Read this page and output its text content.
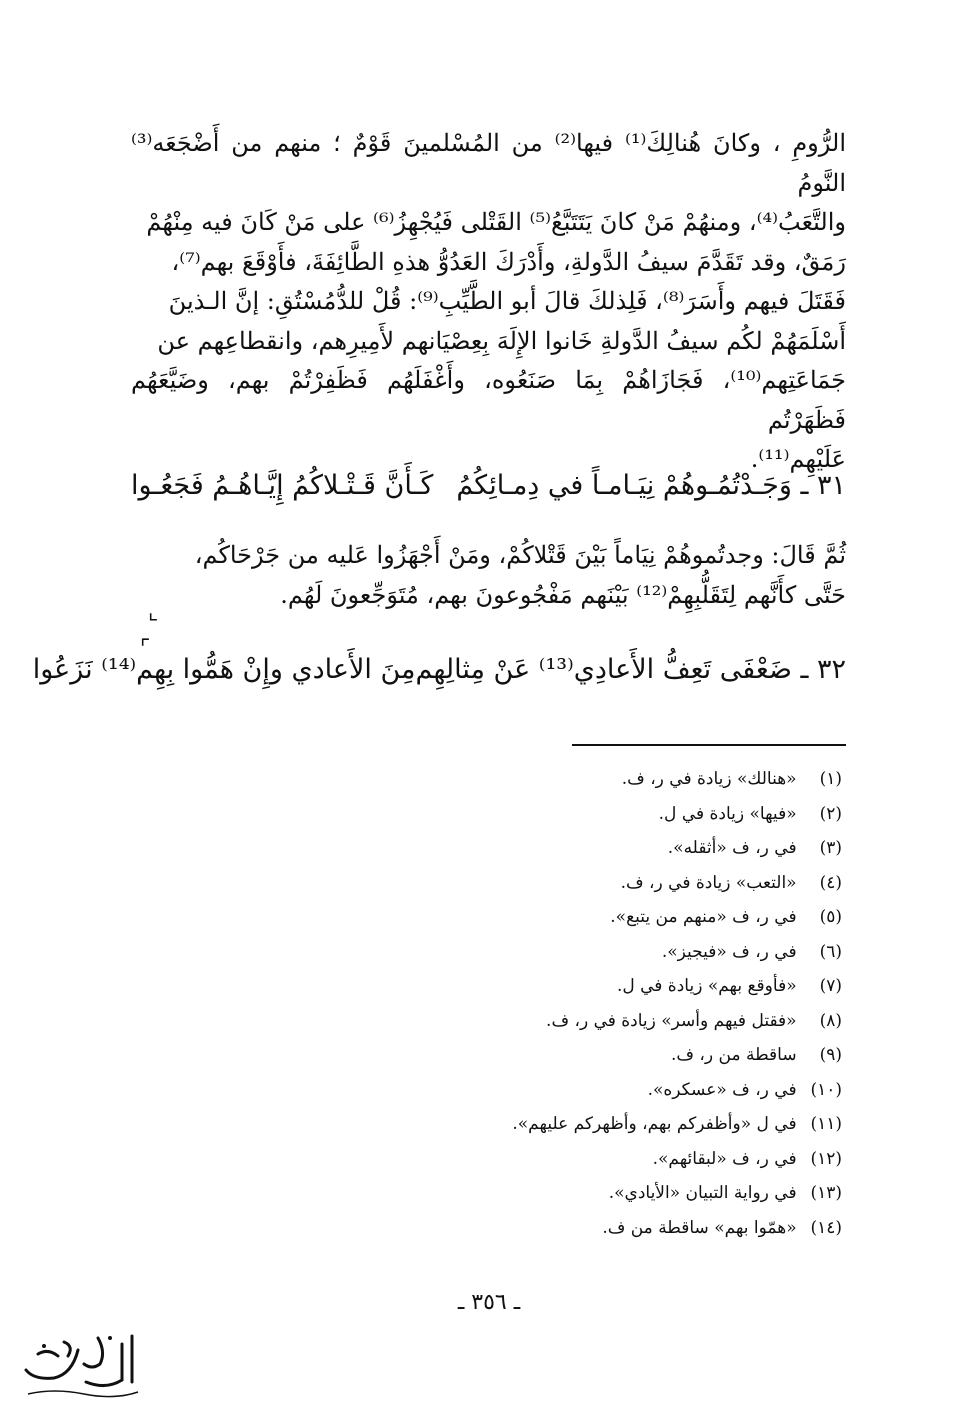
الرُّومِ ، وكانَ هُنالِكَ⁽¹⁾ فيها⁽²⁾ من المُسْلمينَ قَوْمٌ ؛ منهم من أَضْجَعَه⁽³⁾ النَّومُ
والتَّعَبُ⁽⁴⁾، ومنهُمْ مَنْ كانَ يَتَتَبَّعُ⁽⁵⁾ القَتْلى فَيُجْهِزُ⁽⁶⁾ على مَنْ كَانَ فيه مِنْهُمْ
رَمَقٌ، وقد تَقَدَّمَ سيفُ الدَّولةِ، وأَدْرَكَ العَدُوُّ هذهِ الطَّائِفَةَ، فأَوْقَعَ بهم⁽⁷⁾،
فَقَتَلَ فيهم وأَسَرَ⁽⁸⁾، فَلِذلكَ قالَ أبو الطَّيِّبِ⁽⁹⁾: قُلْ للدُّمُسْتُقِ: إنَّ الـذينَ
أَسْلَمَهُمْ لكُم سيفُ الدَّولةِ خَانوا الإِلَهَ بِعِصْيَانهم لأَمِيرِهم، وانقطاعِهم عن
جَمَاعَتِهم⁽¹⁰⁾، فَجَازَاهُمْ بِمَا صَنَعُوه، وأَغْفَلَهُم فَظَفِرْتُمْ بهم، وضَيَّعَهُم فَظَهَرْتُم
عَلَيْهِم⁽¹¹⁾.
٣١ ـ وَجَـدْتُمُـوهُمْ نِيَـامـاً في دِمـائِكُمُ
كَـأَنَّ قَـتْـلاكُمُ إِيَّـاهُـمُ فَجَعُـوا
ثُمَّ قَالَ: وجدتُموهُمْ نِيَاماً بَيْنَ قَتْلاكُمْ، ومَنْ أَجْهَزُوا عَليه من جَرْحَاكُم،
حَتَّى كأَنَّهم لِتَقَلُّبِهِمْ⁽¹²⁾ بَيْنَهم مَفْجُوعونَ بهم، مُتَوَجِّعونَ لَهُم.
⌞
⌜
٣٢ ـ ضَعْفَى تَعِفُّ الأَعادِي⁽¹³⁾ عَنْ مِثالِهِم
مِنَ الأَعادي وإِنْ هَمُّوا بِهِم⁽¹⁴⁾ نَزَعُوا
(١) «هنالك» زيادة في ر، ف.
(٢) «فيها» زيادة في ل.
(٣) في ر، ف «أثقله».
(٤) «التعب» زيادة في ر، ف.
(٥) في ر، ف «منهم من يتبع».
(٦) في ر، ف «فيجيز».
(٧) «فأوقع بهم» زيادة في ل.
(٨) «فقتل فيهم وأسر» زيادة في ر، ف.
(٩) ساقطة من ر، ف.
(١٠) في ر، ف «عسكره».
(١١) في ل «وأظفركم بهم، وأظهركم عليهم».
(١٢) في ر، ف «لبقائهم».
(١٣) في رواية التبيان «الأيادي».
(١٤) «همّوا بهم» ساقطة من ف.
ـ ٣٥٦ ـ
